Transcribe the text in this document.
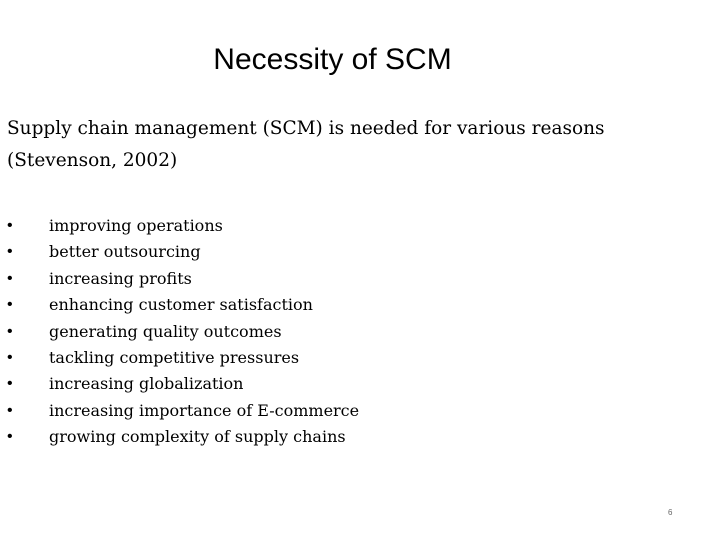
Necessity of SCM

Supply chain management (SCM) is needed for various reasons (Stevenson, 2002)

•	improving operations
•	better outsourcing
•	increasing profits
•	enhancing customer satisfaction
•	generating quality outcomes
•	tackling competitive pressures
•	increasing globalization
•	increasing importance of E-commerce
•	growing complexity of supply chains
6
